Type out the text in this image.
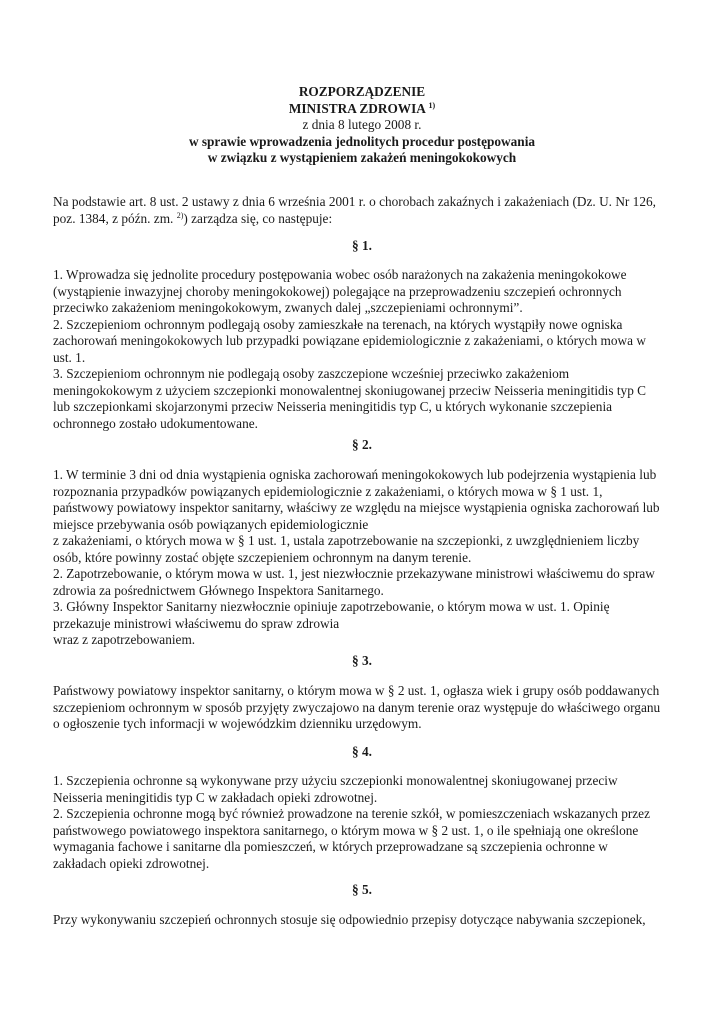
ROZPORZĄDZENIE
MINISTRA ZDROWIA $^{1)}$
z dnia 8 lutego 2008 r.
w sprawie wprowadzenia jednolitych procedur postępowania
w związku z wystąpieniem zakażeń meningokokowych
Na podstawie art. 8 ust. 2 ustawy z dnia 6 września 2001 r. o chorobach zakaźnych i zakażeniach (Dz. U. Nr 126,
poz. 1384, z późn. zm. $^{2)}$) zarządza się, co następuje:
§ 1.
1. Wprowadza się jednolite procedury postępowania wobec osób narażonych na zakażenia meningokokowe
(wystąpienie inwazyjnej choroby meningokokowej) polegające na przeprowadzeniu szczepień ochronnych
przeciwko zakażeniom meningokokowym, zwanych dalej „szczepieniami ochronnymi”.
2. Szczepieniom ochronnym podlegają osoby zamieszkałe na terenach, na których wystąpiły nowe ogniska
zachorowań meningokokowych lub przypadki powiązane epidemiologicznie z zakażeniami, o których mowa w
ust. 1.
3. Szczepieniom ochronnym nie podlegają osoby zaszczepione wcześniej przeciwko zakażeniom
meningokokowym z użyciem szczepionki monowalentnej skoniugowanej przeciw Neisseria meningitidis typ C
lub szczepionkami skojarzonymi przeciw Neisseria meningitidis typ C, u których wykonanie szczepienia
ochronnego zostało udokumentowane.
§ 2.
1. W terminie 3 dni od dnia wystąpienia ogniska zachorowań meningokokowych lub podejrzenia wystąpienia lub
rozpoznania przypadków powiązanych epidemiologicznie z zakażeniami, o których mowa w § 1 ust. 1,
państwowy powiatowy inspektor sanitarny, właściwy ze względu na miejsce wystąpienia ogniska zachorowań lub
miejsce przebywania osób powiązanych epidemiologicznie
z zakażeniami, o których mowa w § 1 ust. 1, ustala zapotrzebowanie na szczepionki, z uwzględnieniem liczby
osób, które powinny zostać objęte szczepieniem ochronnym na danym terenie.
2. Zapotrzebowanie, o którym mowa w ust. 1, jest niezwłocznie przekazywane ministrowi właściwemu do spraw
zdrowia za pośrednictwem Głównego Inspektora Sanitarnego.
3. Główny Inspektor Sanitarny niezwłocznie opiniuje zapotrzebowanie, o którym mowa w ust. 1. Opinię
przekazuje ministrowi właściwemu do spraw zdrowia
wraz z zapotrzebowaniem.
§ 3.
Państwowy powiatowy inspektor sanitarny, o którym mowa w § 2 ust. 1, ogłasza wiek i grupy osób poddawanych
szczepieniom ochronnym w sposób przyjęty zwyczajowo na danym terenie oraz występuje do właściwego organu
o ogłoszenie tych informacji w wojewódzkim dzienniku urzędowym.
§ 4.
1. Szczepienia ochronne są wykonywane przy użyciu szczepionki monowalentnej skoniugowanej przeciw
Neisseria meningitidis typ C w zakładach opieki zdrowotnej.
2. Szczepienia ochronne mogą być również prowadzone na terenie szkół, w pomieszczeniach wskazanych przez
państwowego powiatowego inspektora sanitarnego, o którym mowa w § 2 ust. 1, o ile spełniają one określone
wymagania fachowe i sanitarne dla pomieszczeń, w których przeprowadzane są szczepienia ochronne w
zakładach opieki zdrowotnej.
§ 5.
Przy wykonywaniu szczepień ochronnych stosuje się odpowiednio przepisy dotyczące nabywania szczepionek,
